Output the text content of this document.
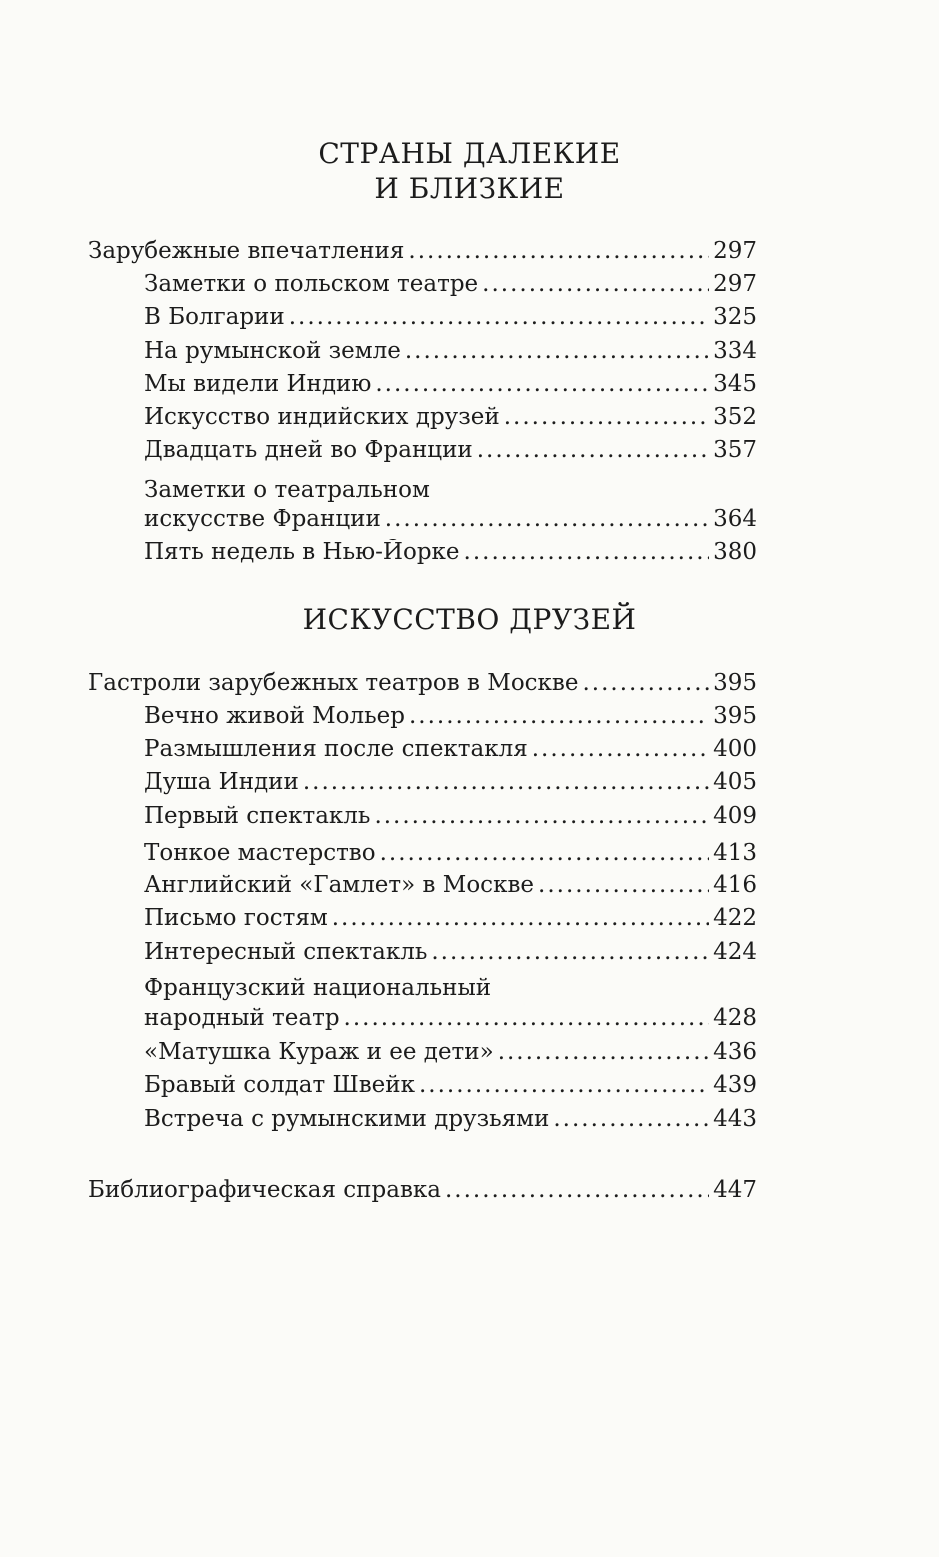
СТРАНЫ ДАЛЕКИЕ
И БЛИЗКИЕ
Зарубежные впечатления .....	297
Заметки о польском театре .....	297
В Болгарии .....	325
На румынской земле .....	334
Мы видели Индию .....	345
Искусство индийских друзей .....	352
Двадцать дней во Франции .....	357
Заметки о театральном
искусстве Франции .....	364
Пять недель в Нью-Йорке .....	380
ИСКУССТВО ДРУЗЕЙ
Гастроли зарубежных театров в Москве .....	395
Вечно живой Мольер .....	395
Размышления после спектакля .....	400
Душа Индии .....	405
Первый спектакль .....	409
Тонкое мастерство .....	413
Английский «Гамлет» в Москве .....	416
Письмо гостям .....	422
Интересный спектакль .....	424
Французский национальный
народный театр .....	428
«Матушка Кураж и ее дети» .....	436
Бравый солдат Швейк .....	439
Встреча с румынскими друзьями .....	443
Библиографическая справка .....	447
